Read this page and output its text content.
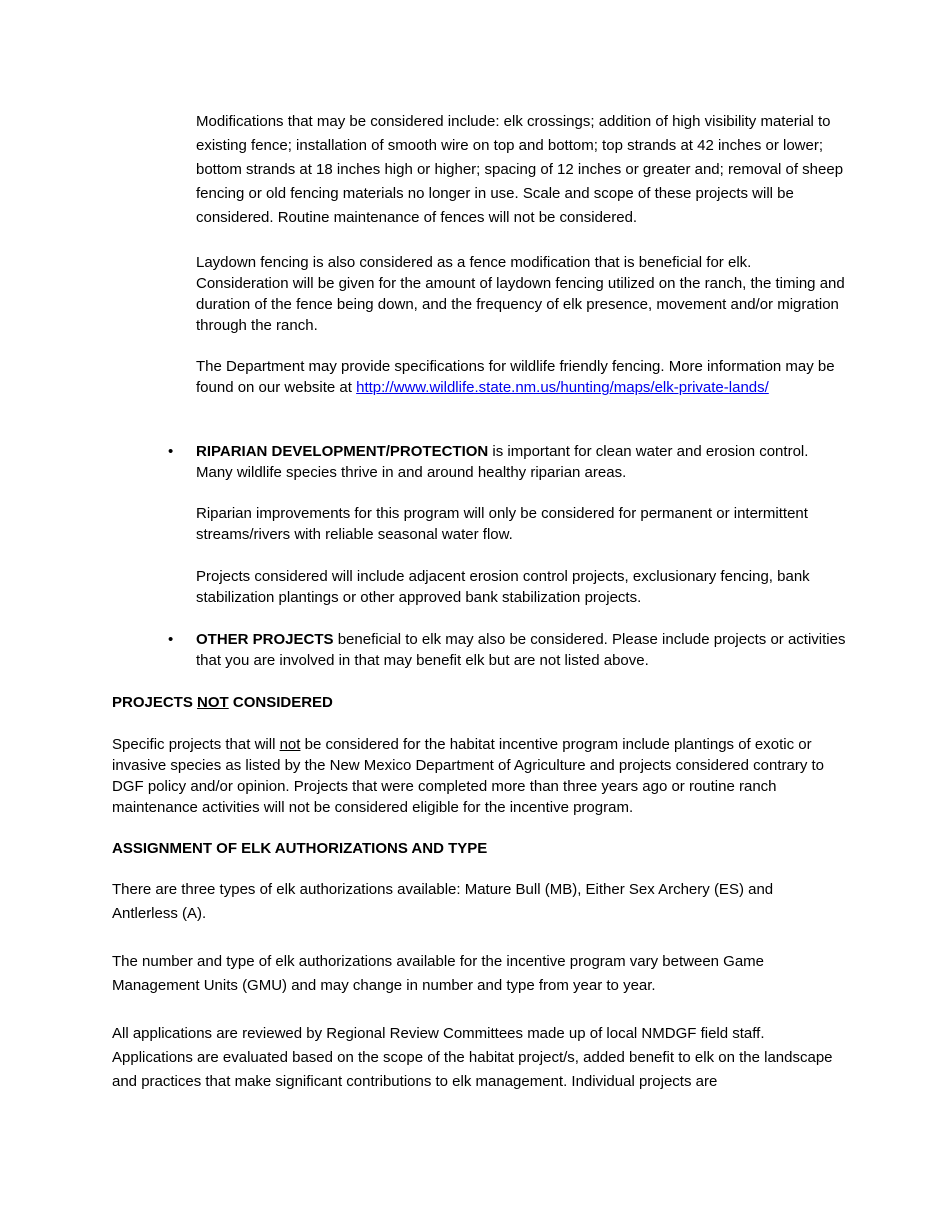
Modifications that may be considered include: elk crossings; addition of high visibility material to existing fence; installation of smooth wire on top and bottom; top strands at 42 inches or lower; bottom strands at 18 inches high or higher; spacing of 12 inches or greater and; removal of sheep fencing or old fencing materials no longer in use. Scale and scope of these projects will be considered. Routine maintenance of fences will not be considered.

Laydown fencing is also considered as a fence modification that is beneficial for elk. Consideration will be given for the amount of laydown fencing utilized on the ranch, the timing and duration of the fence being down, and the frequency of elk presence, movement and/or migration through the ranch.

The Department may provide specifications for wildlife friendly fencing. More information may be found on our website at http://www.wildlife.state.nm.us/hunting/maps/elk-private-lands/

• RIPARIAN DEVELOPMENT/PROTECTION is important for clean water and erosion control. Many wildlife species thrive in and around healthy riparian areas.

Riparian improvements for this program will only be considered for permanent or intermittent streams/rivers with reliable seasonal water flow.

Projects considered will include adjacent erosion control projects, exclusionary fencing, bank stabilization plantings or other approved bank stabilization projects.

• OTHER PROJECTS beneficial to elk may also be considered. Please include projects or activities that you are involved in that may benefit elk but are not listed above.

PROJECTS NOT CONSIDERED

Specific projects that will not be considered for the habitat incentive program include plantings of exotic or invasive species as listed by the New Mexico Department of Agriculture and projects considered contrary to DGF policy and/or opinion. Projects that were completed more than three years ago or routine ranch maintenance activities will not be considered eligible for the incentive program.

ASSIGNMENT OF ELK AUTHORIZATIONS AND TYPE

There are three types of elk authorizations available: Mature Bull (MB), Either Sex Archery (ES) and Antlerless (A).

The number and type of elk authorizations available for the incentive program vary between Game Management Units (GMU) and may change in number and type from year to year.

All applications are reviewed by Regional Review Committees made up of local NMDGF field staff. Applications are evaluated based on the scope of the habitat project/s, added benefit to elk on the landscape and practices that make significant contributions to elk management. Individual projects are
